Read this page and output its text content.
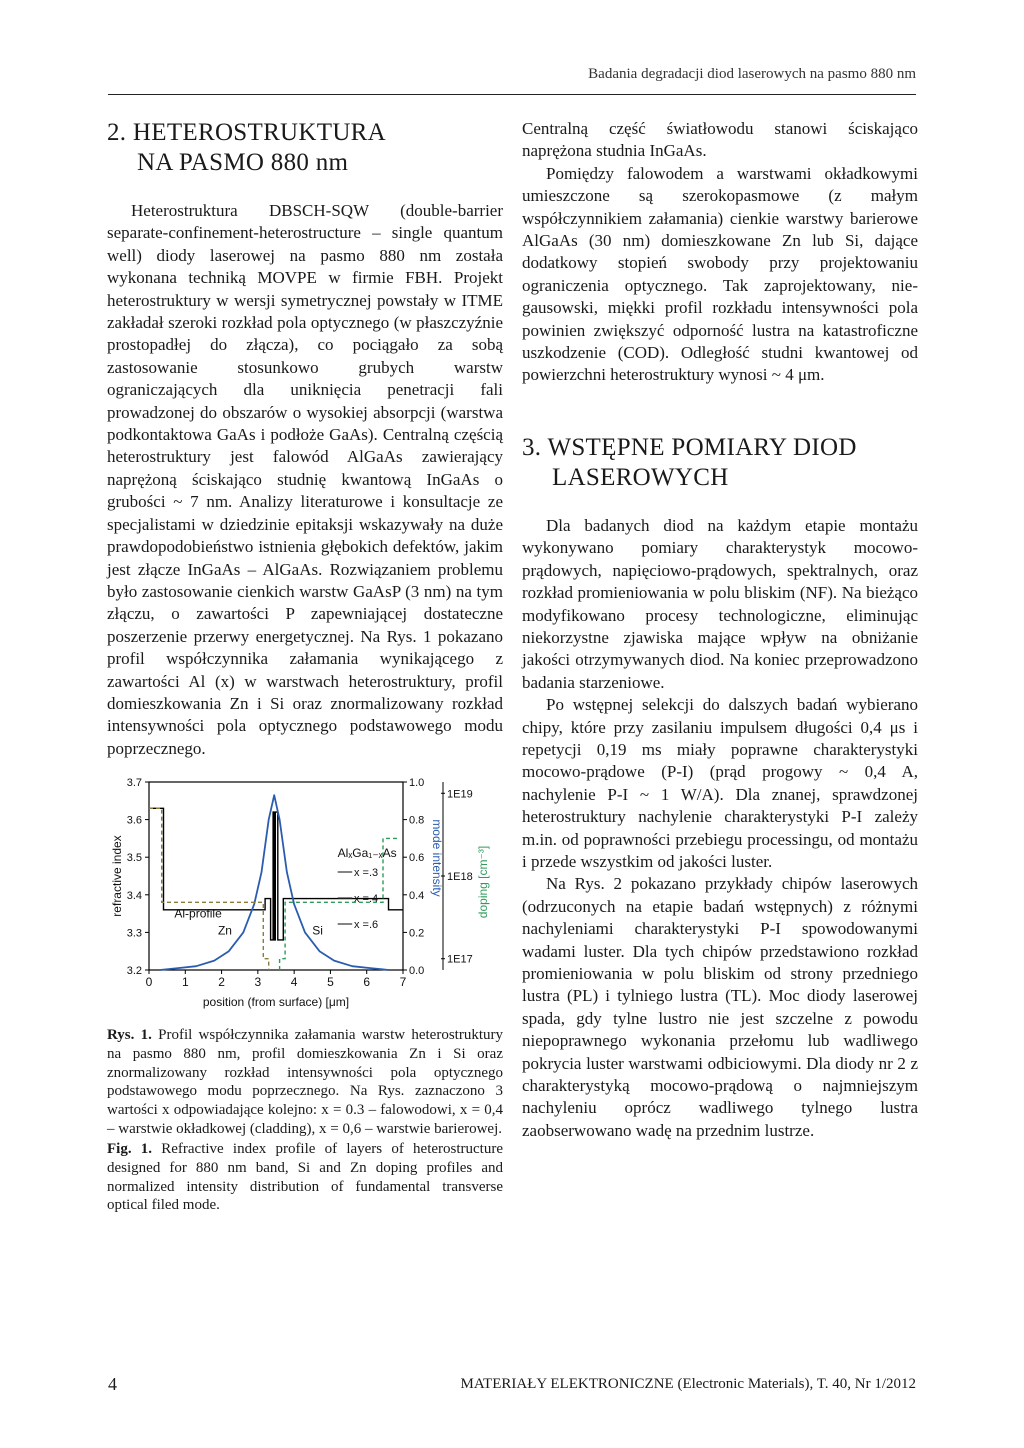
Badania degradacji diod laserowych na pasmo 880 nm
2. HETEROSTRUKTURA
NA PASMO 880 nm

Heterostruktura DBSCH-SQW (double-barrier separate-confinement-heterostructure – single quantum well) diody laserowej na pasmo 880 nm została wykonana techniką MOVPE w firmie FBH. Projekt heterostruktury w wersji symetrycznej powstały w ITME zakładał szeroki rozkład pola optycznego (w płaszczyźnie prostopadłej do złącza), co pociągało za sobą zastosowanie stosunkowo grubych warstw ograniczających dla uniknięcia penetracji fali prowadzonej do obszarów o wysokiej absorpcji (warstwa podkontaktowa GaAs i podłoże GaAs). Centralną częścią heterostruktury jest falowód AlGaAs zawierający naprężoną ściskająco studnię kwantową InGaAs o grubości ~ 7 nm. Analizy literaturowe i konsultacje ze specjalistami w dziedzinie epitaksji wskazywały na duże prawdopodobieństwo istnienia głębokich defektów, jakim jest złącze InGaAs – AlGaAs. Rozwiązaniem problemu było zastosowanie cienkich warstw GaAsP (3 nm) na tym złączu, o zawartości P zapewniającej dostateczne poszerzenie przerwy energetycznej. Na Rys. 1 pokazano profil współczynnika załamania wynikającego z zawartości Al (x) w warstwach heterostruktury, profil domieszkowania Zn i Si oraz znormalizowany rozkład intensywności pola optycznego podstawowego modu poprzecznego.

0 1 2 3 4 5 6 7
3.2
3.3
3.4
3.5
3.6
3.7
0.0
0.2
0.4
0.6
0.8
1.0
1E19
1E18
1E17
refractive index	mode intensity	doping [cm⁻³]
position (from surface) [μm]
AlₓGa₁₋ₓAs
x =.3
x =.4
x =.6
Al-profile
Zn	Si

Rys. 1. Profil współczynnika załamania warstw heterostruktury na pasmo 880 nm, profil domieszkowania Zn i Si oraz znormalizowany rozkład intensywności pola optycznego podstawowego modu poprzecznego. Na Rys. zaznaczono 3 wartości x odpowiadające kolejno: x = 0.3 – falowodowi, x = 0,4 – warstwie okładkowej (cladding), x = 0,6 – warstwie barierowej.

Fig. 1. Refractive index profile of layers of heterostructure designed for 880 nm band, Si and Zn doping profiles and normalized intensity distribution of fundamental transverse optical filed mode.

Centralną część światłowodu stanowi ściskająco naprężona studnia InGaAs.

Pomiędzy falowodem a warstwami okładkowymi umieszczone są szerokopasmowe (z małym współczynnikiem załamania) cienkie warstwy barierowe AlGaAs (30 nm) domieszkowane Zn lub Si, dające dodatkowy stopień swobody przy projektowaniu ograniczenia optycznego. Tak zaprojektowany, nie-gausowski, miękki profil rozkładu intensywności pola powinien zwiększyć odporność lustra na katastroficzne uszkodzenie (COD). Odległość studni kwantowej od powierzchni heterostruktury wynosi ~ 4 μm.

3. WSTĘPNE POMIARY DIOD
LASEROWYCH

Dla badanych diod na każdym etapie montażu wykonywano pomiary charakterystyk mocowo-prądowych, napięciowo-prądowych, spektralnych, oraz rozkład promieniowania w polu bliskim (NF). Na bieżąco modyfikowano procesy technologiczne, eliminując niekorzystne zjawiska mające wpływ na obniżanie jakości otrzymywanych diod. Na koniec przeprowadzono badania starzeniowe.

Po wstępnej selekcji do dalszych badań wybierano chipy, które przy zasilaniu impulsem długości 0,4 μs i repetycji 0,19 ms miały poprawne charakterystyki mocowo-prądowe (P-I) (prąd progowy ~ 0,4 A, nachylenie P-I ~ 1 W/A). Dla znanej, sprawdzonej heterostruktury nachylenie charakterystyki P-I zależy m.in. od poprawności przebiegu processingu, od montażu i przede wszystkim od jakości luster.

Na Rys. 2 pokazano przykłady chipów laserowych (odrzuconych na etapie badań wstępnych) z różnymi nachyleniami charakterystyki P-I spowodowanymi wadami luster. Dla tych chipów przedstawiono rozkład promieniowania w polu bliskim od strony przedniego lustra (PL) i tylniego lustra (TL). Moc diody laserowej spada, gdy tylne lustro nie jest szczelne z powodu niepoprawnego wykonania przełomu lub wadliwego pokrycia luster warstwami odbiciowymi. Dla diody nr 2 z charakterystyką mocowo-prądową o najmniejszym nachyleniu oprócz wadliwego tylnego lustra zaobserwowano wadę na przednim lustrze.

4	MATERIAŁY ELEKTRONICZNE (Electronic Materials), T. 40, Nr 1/2012
